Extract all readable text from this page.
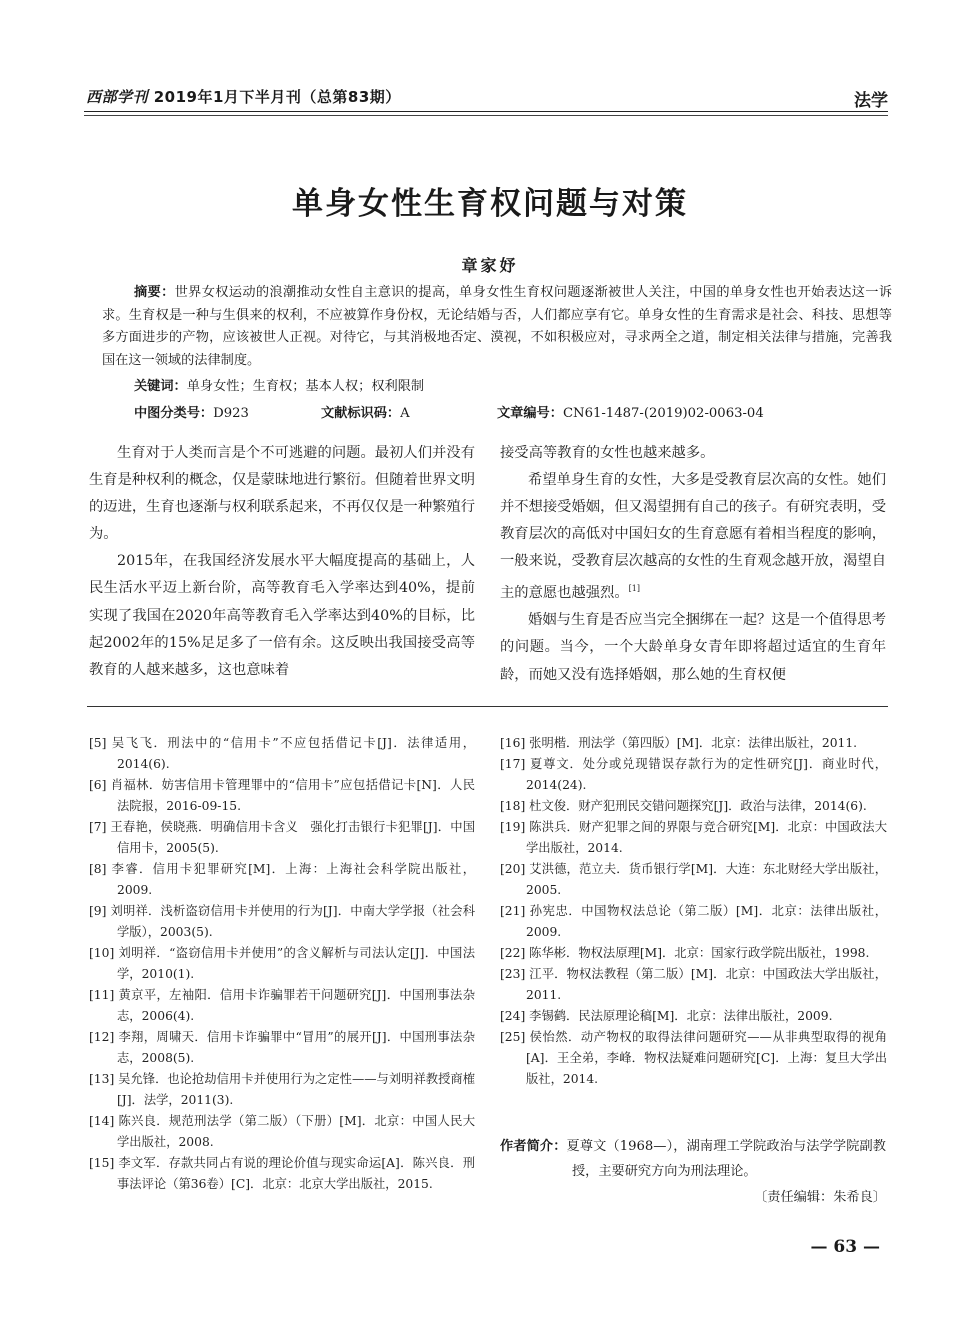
西部学刊 2019年1月下半月刊（总第83期）	法学
单身女性生育权问题与对策
章家妤
摘要：世界女权运动的浪潮推动女性自主意识的提高，单身女性生育权问题逐渐被世人关注，中国的单身女性也开始表达这一诉求。生育权是一种与生俱来的权利，不应被算作身份权，无论结婚与否，人们都应享有它。单身女性的生育需求是社会、科技、思想等多方面进步的产物，应该被世人正视。对待它，与其消极地否定、漠视，不如积极应对，寻求两全之道，制定相关法律与措施，完善我国在这一领域的法律制度。
关键词：单身女性；生育权；基本人权；权利限制
中图分类号：D923	文献标识码：A	文章编号：CN61-1487-(2019)02-0063-04

生育对于人类而言是个不可逃避的问题。最初人们并没有生育是种权利的概念，仅是蒙昧地进行繁衍。但随着世界文明的迈进，生育也逐渐与权利联系起来，不再仅仅是一种繁殖行为。

2015年，在我国经济发展水平大幅度提高的基础上，人民生活水平迈上新台阶，高等教育毛入学率达到40%，提前实现了我国在2020年高等教育毛入学率达到40%的目标，比起2002年的15%足足多了一倍有余。这反映出我国接受高等教育的人越来越多，这也意味着

接受高等教育的女性也越来越多。

希望单身生育的女性，大多是受教育层次高的女性。她们并不想接受婚姻，但又渴望拥有自己的孩子。有研究表明，受教育层次的高低对中国妇女的生育意愿有着相当程度的影响，一般来说，受教育层次越高的女性的生育观念越开放，渴望自主的意愿也越强烈。[1]

婚姻与生育是否应当完全捆绑在一起？这是一个值得思考的问题。当今，一个大龄单身女青年即将超过适宜的生育年龄，而她又没有选择婚姻，那么她的生育权便

[5] 吴飞飞．刑法中的“信用卡”不应包括借记卡[J]．法律适用，2014(6).

[6] 肖福林．妨害信用卡管理罪中的“信用卡”应包括借记卡[N]．人民法院报，2016-09-15.

[7] 王春艳，侯晓燕．明确信用卡含义　强化打击银行卡犯罪[J]．中国信用卡，2005(5).

[8] 李睿．信用卡犯罪研究[M]．上海：上海社会科学院出版社，2009.

[9] 刘明祥．浅析盗窃信用卡并使用的行为[J]．中南大学学报（社会科学版），2003(5).

[10] 刘明祥．“盗窃信用卡并使用”的含义解析与司法认定[J]．中国法学，2010(1).

[11] 黄京平，左袖阳．信用卡诈骗罪若干问题研究[J]．中国刑事法杂志，2006(4).

[12] 李翔，周啸天．信用卡诈骗罪中“冒用”的展开[J]．中国刑事法杂志，2008(5).

[13] 吴允锋．也论抢劫信用卡并使用行为之定性——与刘明祥教授商榷[J]．法学，2011(3).

[14] 陈兴良．规范刑法学（第二版）（下册）[M]．北京：中国人民大学出版社，2008.

[15] 李文军．存款共同占有说的理论价值与现实命运[A]．陈兴良．刑事法评论（第36卷）[C]．北京：北京大学出版社，2015.

[16] 张明楷．刑法学（第四版）[M]．北京：法律出版社，2011.

[17] 夏尊文．处分或兑现错误存款行为的定性研究[J]．商业时代，2014(24).

[18] 杜文俊．财产犯刑民交错问题探究[J]．政治与法律，2014(6).

[19] 陈洪兵．财产犯罪之间的界限与竞合研究[M]．北京：中国政法大学出版社，2014.

[20] 艾洪德，范立夫．货币银行学[M]．大连：东北财经大学出版社，2005.

[21] 孙宪忠．中国物权法总论（第二版）[M]．北京：法律出版社，2009.

[22] 陈华彬．物权法原理[M]．北京：国家行政学院出版社，1998.

[23] 江平．物权法教程（第二版）[M]．北京：中国政法大学出版社，2011.

[24] 李锡鹤．民法原理论稿[M]．北京：法律出版社，2009.

[25] 侯怡然．动产物权的取得法律问题研究——从非典型取得的视角[A]．王全弟，李峰．物权法疑难问题研究[C]．上海：复旦大学出版社，2014.

作者简介：夏尊文（1968—），湖南理工学院政治与法学学院副教授，主要研究方向为刑法理论。

〔责任编辑：朱希良〕
— 63 —
